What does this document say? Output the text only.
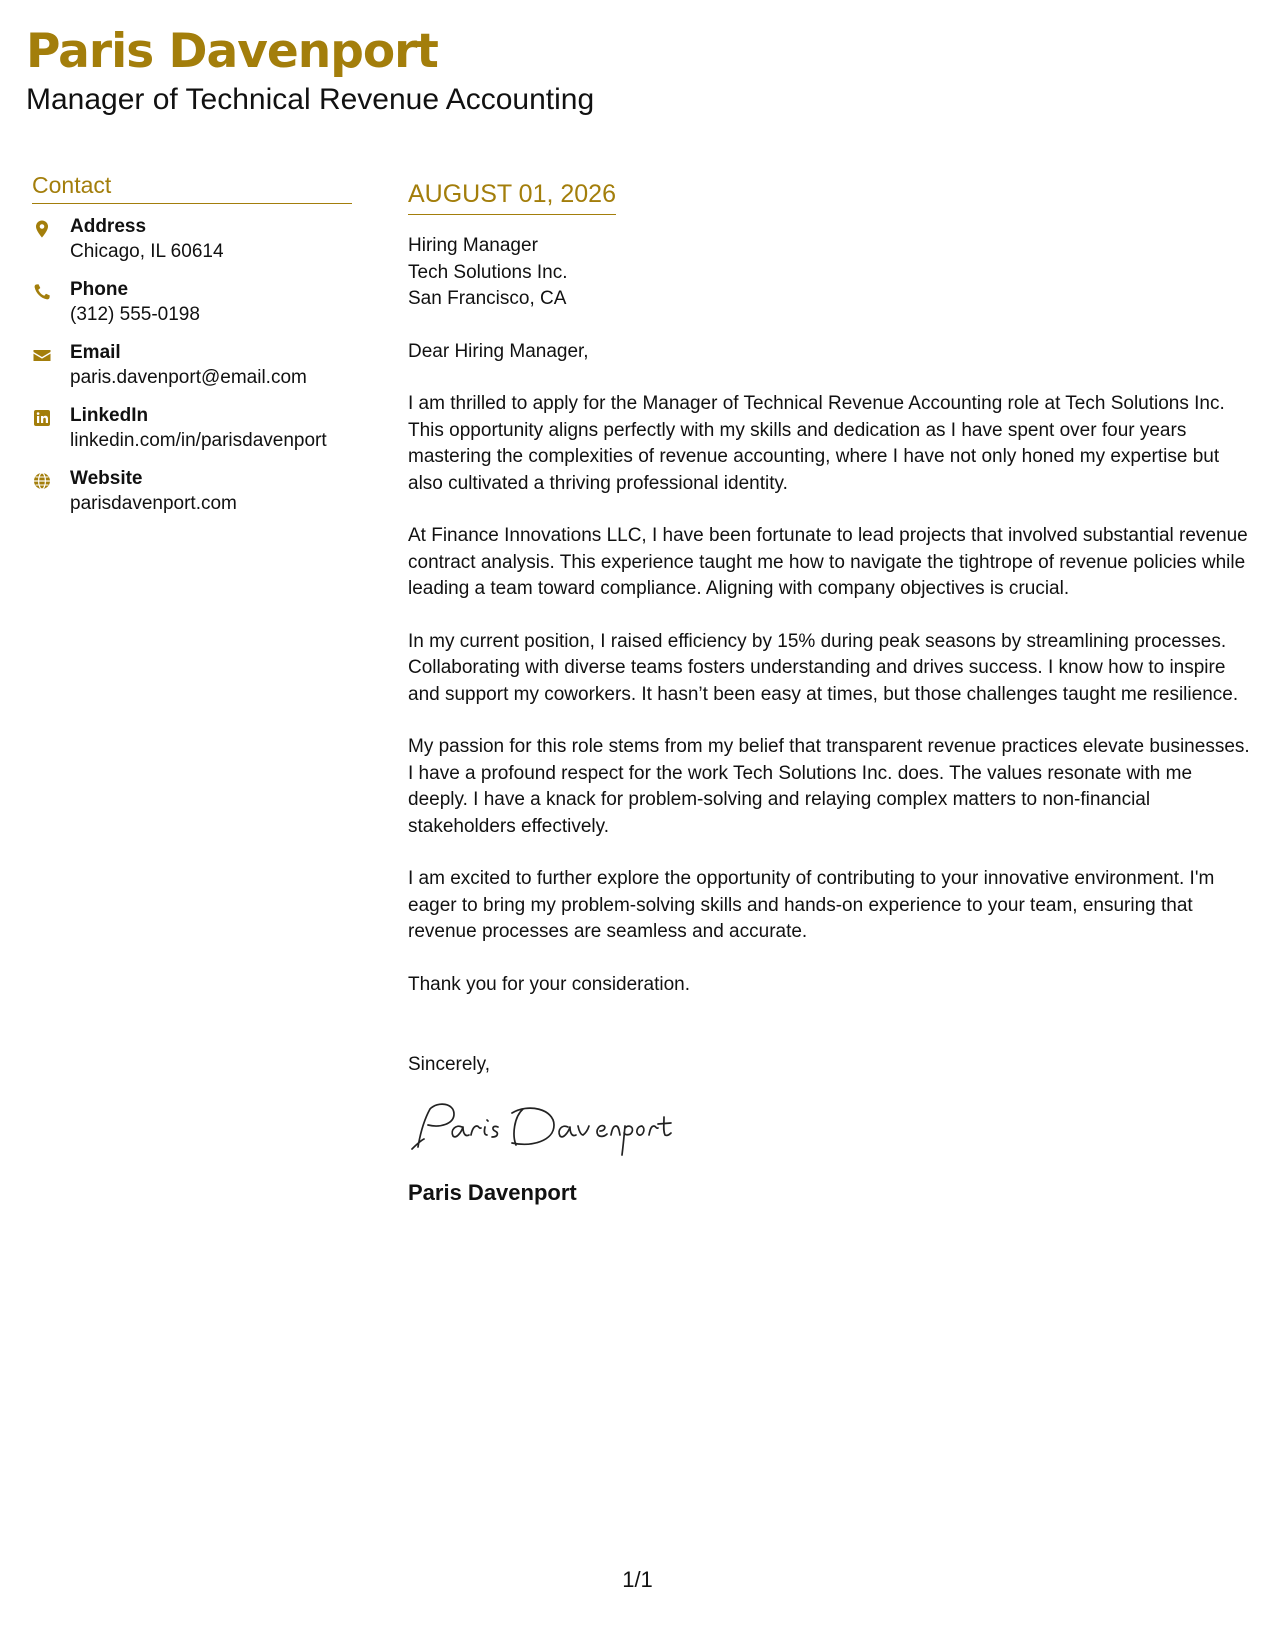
Paris Davenport
Manager of Technical Revenue Accounting
Contact
Address
Chicago, IL 60614
Phone
(312) 555-0198
Email
paris.davenport@email.com
LinkedIn
linkedin.com/in/parisdavenport
Website
parisdavenport.com
AUGUST 01, 2026
Hiring Manager
Tech Solutions Inc.
San Francisco, CA

Dear Hiring Manager,

I am thrilled to apply for the Manager of Technical Revenue Accounting role at Tech Solutions Inc. This opportunity aligns perfectly with my skills and dedication as I have spent over four years mastering the complexities of revenue accounting, where I have not only honed my expertise but also cultivated a thriving professional identity.

At Finance Innovations LLC, I have been fortunate to lead projects that involved substantial revenue contract analysis. This experience taught me how to navigate the tightrope of revenue policies while leading a team toward compliance. Aligning with company objectives is crucial.

In my current position, I raised efficiency by 15% during peak seasons by streamlining processes. Collaborating with diverse teams fosters understanding and drives success. I know how to inspire and support my coworkers. It hasn’t been easy at times, but those challenges taught me resilience.

My passion for this role stems from my belief that transparent revenue practices elevate businesses. I have a profound respect for the work Tech Solutions Inc. does. The values resonate with me deeply. I have a knack for problem-solving and relaying complex matters to non-financial stakeholders effectively.

I am excited to further explore the opportunity of contributing to your innovative environment. I'm eager to bring my problem-solving skills and hands-on experience to your team, ensuring that revenue processes are seamless and accurate.

Thank you for your consideration.

Sincerely,

Paris Davenport
1/1
